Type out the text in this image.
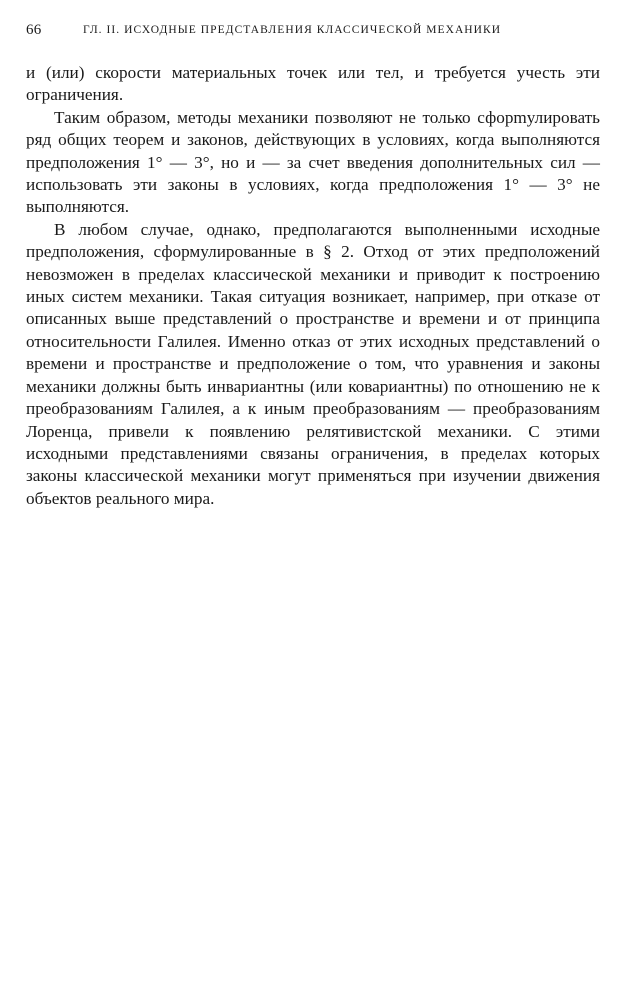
66	ГЛ. II. ИСХОДНЫЕ ПРЕДСТАВЛЕНИЯ КЛАССИЧЕСКОЙ МЕХАНИКИ

и (или) скорости материальных точек или тел, и требуется учесть эти ограничения.

Таким образом, методы механики позволяют не только сфорmулировать ряд общих теорем и законов, действующих в условиях, когда выполняются предположения 1° — 3°, но и — за счет введения дополнительных сил — использовать эти законы в условиях, когда предположения 1° — 3° не выполняются.

В любом случае, однако, предполагаются выполненными исходные предположения, сформулированные в § 2. Отход от этих предположений невозможен в пределах классической механики и приводит к построению иных систем механики. Такая ситуация возникает, например, при отказе от описанных выше представлений о пространстве и времени и от принципа относительности Галилея. Именно отказ от этих исходных представлений о времени и пространстве и предположение о том, что уравнения и законы механики должны быть инвариантны (или ковариантны) по отношению не к преобразованиям Галилея, а к иным преобразованиям — преобразованиям Лоренца, привели к появлению релятивистской механики. С этими исходными представлениями связаны ограничения, в пределах которых законы классической механики могут применяться при изучении движения объектов реального мира.
